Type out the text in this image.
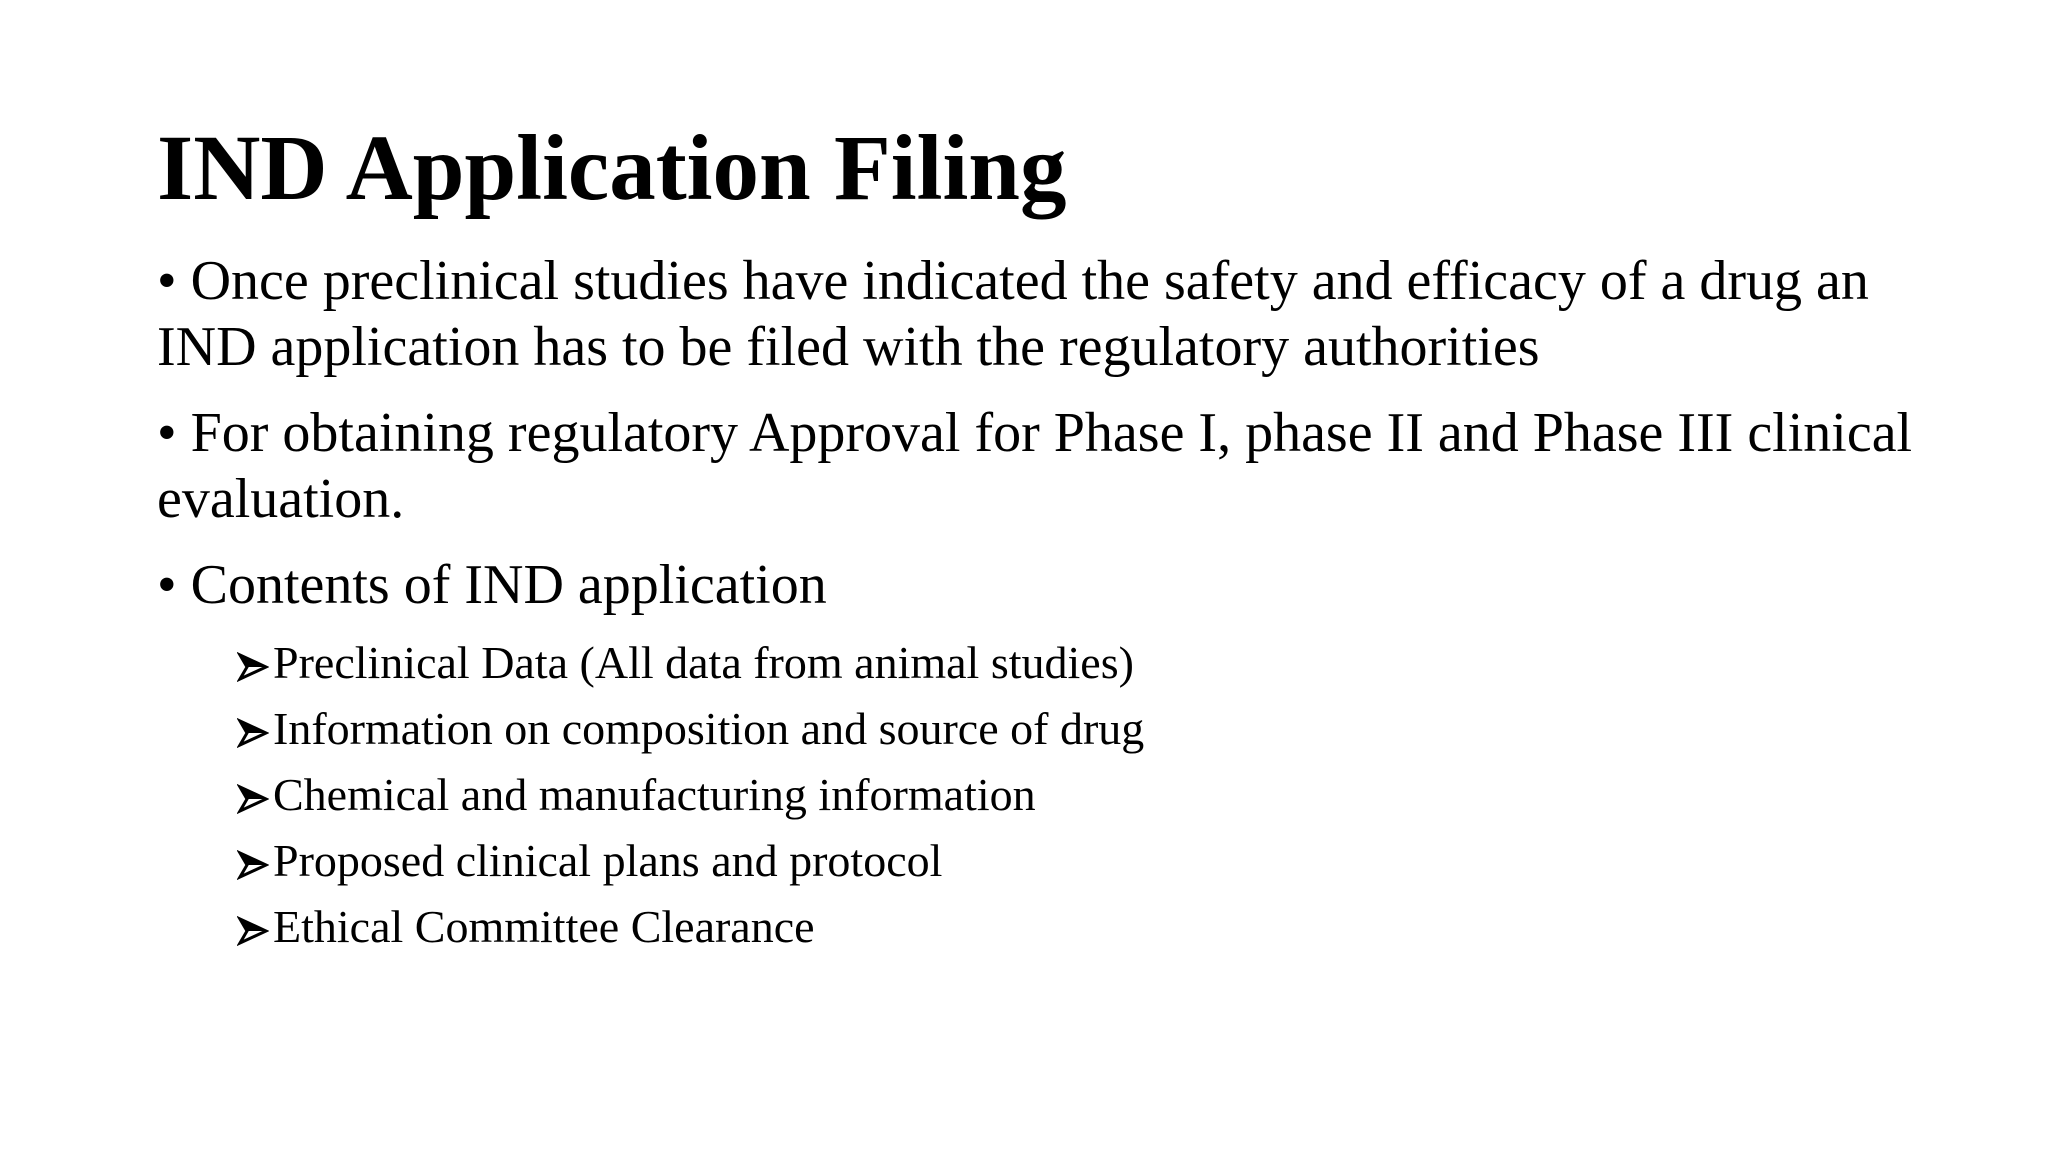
IND Application Filing

• Once preclinical studies have indicated the safety and efficacy of a drug an IND application has to be filed with the regulatory authorities

• For obtaining regulatory Approval for Phase I, phase II and Phase III clinical evaluation.

• Contents of IND application

Preclinical Data (All data from animal studies)
Information on composition and source of drug
Chemical and manufacturing information
Proposed clinical plans and protocol
Ethical Committee Clearance
